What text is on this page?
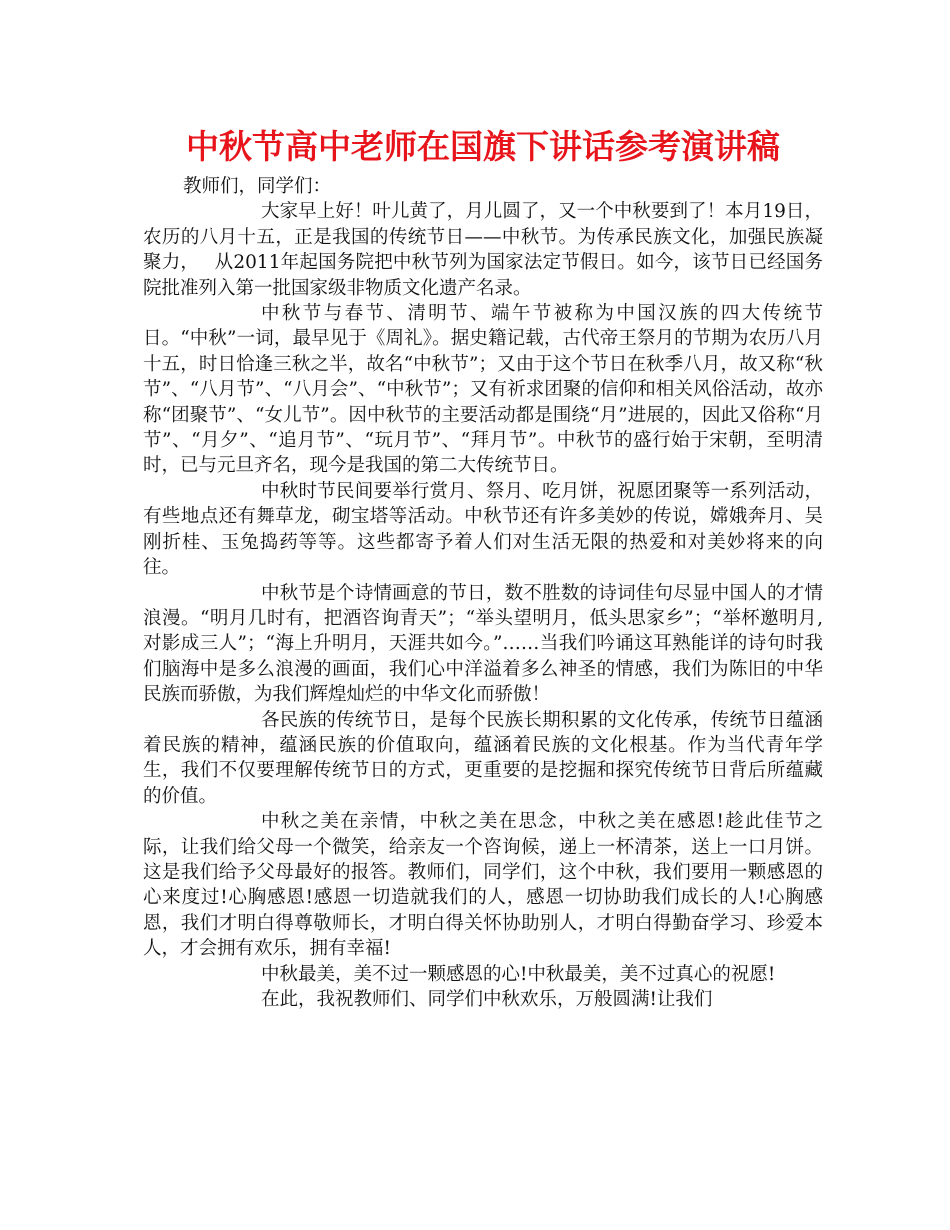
中秋节高中老师在国旗下讲话参考演讲稿

教师们，同学们：

大家早上好！叶儿黄了，月儿圆了，又一个中秋要到了！本月19日，农历的八月十五，正是我国的传统节日——中秋节。为传承民族文化，加强民族凝聚力，　 从2011年起国务院把中秋节列为国家法定节假日。如今，该节日已经国务院批准列入第一批国家级非物质文化遗产名录。

中秋节与春节、清明节、端午节被称为中国汉族的四大传统节日。“中秋”一词，最早见于《周礼》。据史籍记载，古代帝王祭月的节期为农历八月十五，时日恰逢三秋之半，故名“中秋节”；又由于这个节日在秋季八月，故又称“秋节”、“八月节”、“八月会”、“中秋节”；又有祈求团聚的信仰和相关风俗活动，故亦称“团聚节”、“女儿节”。因中秋节的主要活动都是围绕“月”进展的，因此又俗称“月节”、“月夕”、“追月节”、“玩月节”、“拜月节”。中秋节的盛行始于宋朝，至明清时，已与元旦齐名，现今是我国的第二大传统节日。

中秋时节民间要举行赏月、祭月、吃月饼，祝愿团聚等一系列活动，有些地点还有舞草龙，砌宝塔等活动。中秋节还有许多美妙的传说，嫦娥奔月、吴刚折桂、玉兔捣药等等。这些都寄予着人们对生活无限的热爱和对美妙将来的向往。

中秋节是个诗情画意的节日，数不胜数的诗词佳句尽显中国人的才情浪漫。“明月几时有，把酒咨询青天”；“举头望明月，低头思家乡”；“举杯邀明月,对影成三人”；“海上升明月，天涯共如今。”……当我们吟诵这耳熟能详的诗句时我们脑海中是多么浪漫的画面，我们心中洋溢着多么神圣的情感，我们为陈旧的中华民族而骄傲，为我们辉煌灿烂的中华文化而骄傲！

各民族的传统节日，是每个民族长期积累的文化传承，传统节日蕴涵着民族的精神，蕴涵民族的价值取向，蕴涵着民族的文化根基。作为当代青年学生，我们不仅要理解传统节日的方式，更重要的是挖掘和探究传统节日背后所蕴藏的价值。

中秋之美在亲情，中秋之美在思念，中秋之美在感恩!趁此佳节之际，让我们给父母一个微笑，给亲友一个咨询候，递上一杯清茶，送上一口月饼。这是我们给予父母最好的报答。教师们，同学们，这个中秋，我们要用一颗感恩的心来度过!心胸感恩!感恩一切造就我们的人，感恩一切协助我们成长的人!心胸感恩，我们才明白得尊敬师长，才明白得关怀协助别人，才明白得勤奋学习、珍爱本人，才会拥有欢乐，拥有幸福!

中秋最美，美不过一颗感恩的心!中秋最美，美不过真心的祝愿!

在此，我祝教师们、同学们中秋欢乐，万般圆满!让我们
